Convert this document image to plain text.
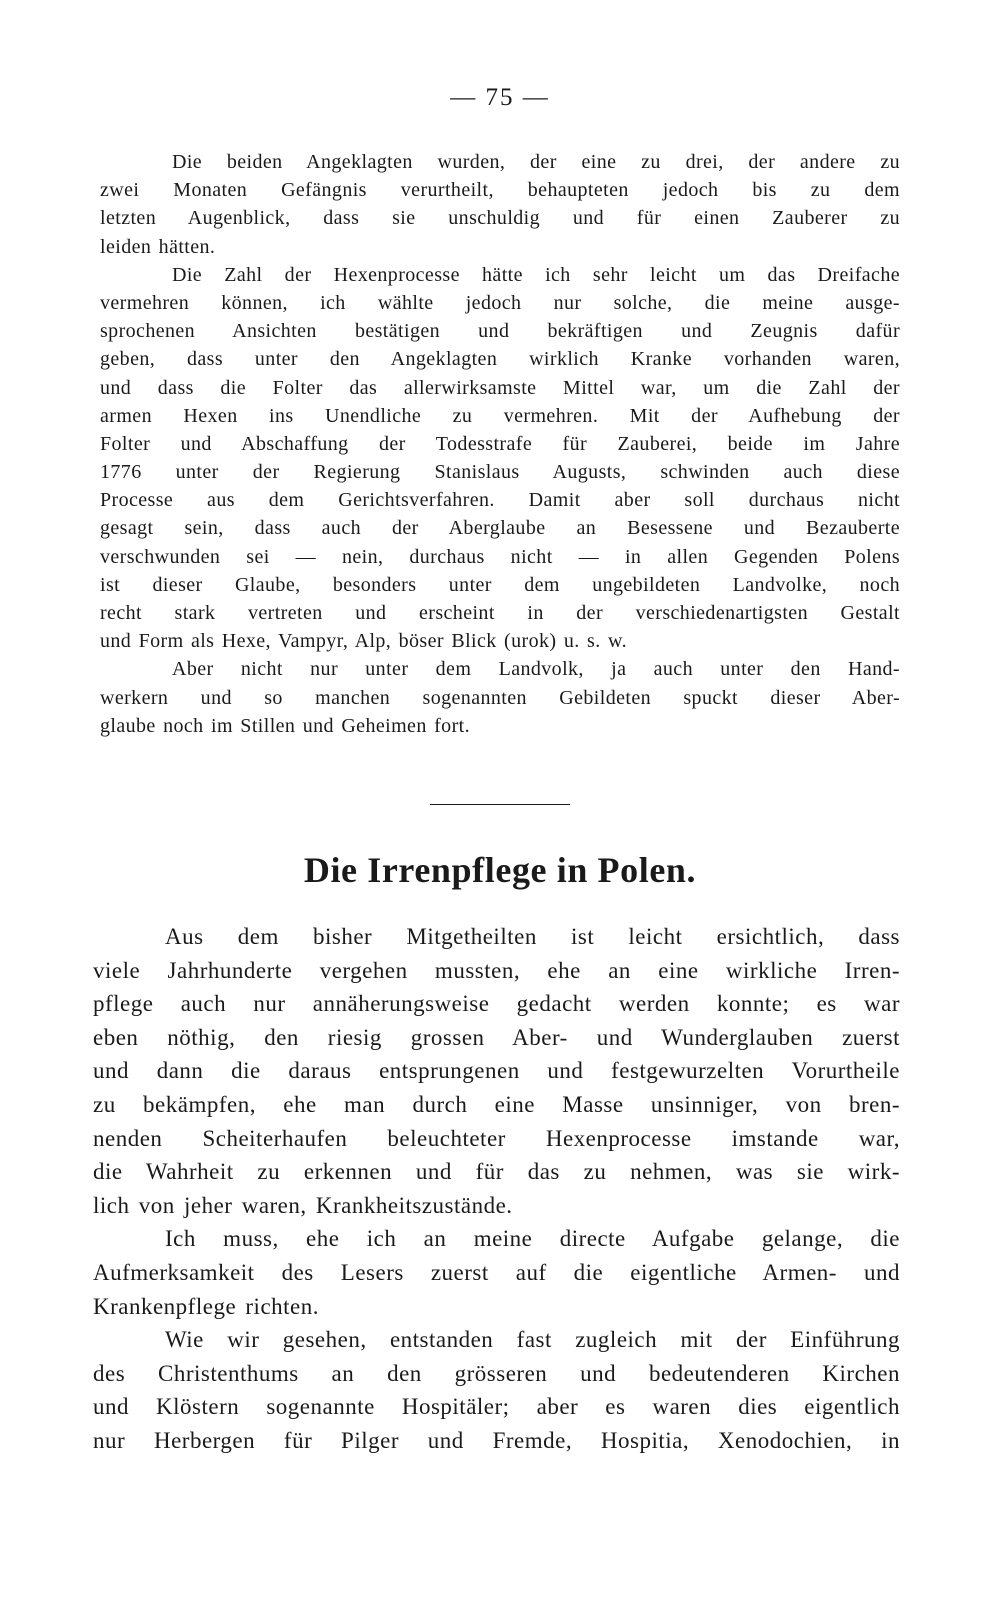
— 75 —
Die beiden Angeklagten wurden, der eine zu drei, der andere zu
zwei Monaten Gefängnis verurtheilt, behaupteten jedoch bis zu dem
letzten Augenblick, dass sie unschuldig und für einen Zauberer zu
leiden hätten.
Die Zahl der Hexenprocesse hätte ich sehr leicht um das Dreifache
vermehren können, ich wählte jedoch nur solche, die meine ausge-
sprochenen Ansichten bestätigen und bekräftigen und Zeugnis dafür
geben, dass unter den Angeklagten wirklich Kranke vorhanden waren,
und dass die Folter das allerwirksamste Mittel war, um die Zahl der
armen Hexen ins Unendliche zu vermehren. Mit der Aufhebung der
Folter und Abschaffung der Todesstrafe für Zauberei, beide im Jahre
1776 unter der Regierung Stanislaus Augusts, schwinden auch diese
Processe aus dem Gerichtsverfahren. Damit aber soll durchaus nicht
gesagt sein, dass auch der Aberglaube an Besessene und Bezauberte
verschwunden sei — nein, durchaus nicht — in allen Gegenden Polens
ist dieser Glaube, besonders unter dem ungebildeten Landvolke, noch
recht stark vertreten und erscheint in der verschiedenartigsten Gestalt
und Form als Hexe, Vampyr, Alp, böser Blick (urok) u. s. w.
Aber nicht nur unter dem Landvolk, ja auch unter den Hand-
werkern und so manchen sogenannten Gebildeten spuckt dieser Aber-
glaube noch im Stillen und Geheimen fort.
Die Irrenpflege in Polen.
Aus dem bisher Mitgetheilten ist leicht ersichtlich, dass
viele Jahrhunderte vergehen mussten, ehe an eine wirkliche Irren-
pflege auch nur annäherungsweise gedacht werden konnte; es war
eben nöthig, den riesig grossen Aber- und Wunderglauben zuerst
und dann die daraus entsprungenen und festgewurzelten Vorurtheile
zu bekämpfen, ehe man durch eine Masse unsinniger, von bren-
nenden Scheiterhaufen beleuchteter Hexenprocesse imstande war,
die Wahrheit zu erkennen und für das zu nehmen, was sie wirk-
lich von jeher waren, Krankheitszustände.
Ich muss, ehe ich an meine directe Aufgabe gelange, die
Aufmerksamkeit des Lesers zuerst auf die eigentliche Armen- und
Krankenpflege richten.
Wie wir gesehen, entstanden fast zugleich mit der Einführung
des Christenthums an den grösseren und bedeutenderen Kirchen
und Klöstern sogenannte Hospitäler; aber es waren dies eigentlich
nur Herbergen für Pilger und Fremde, Hospitia, Xenodochien, in
